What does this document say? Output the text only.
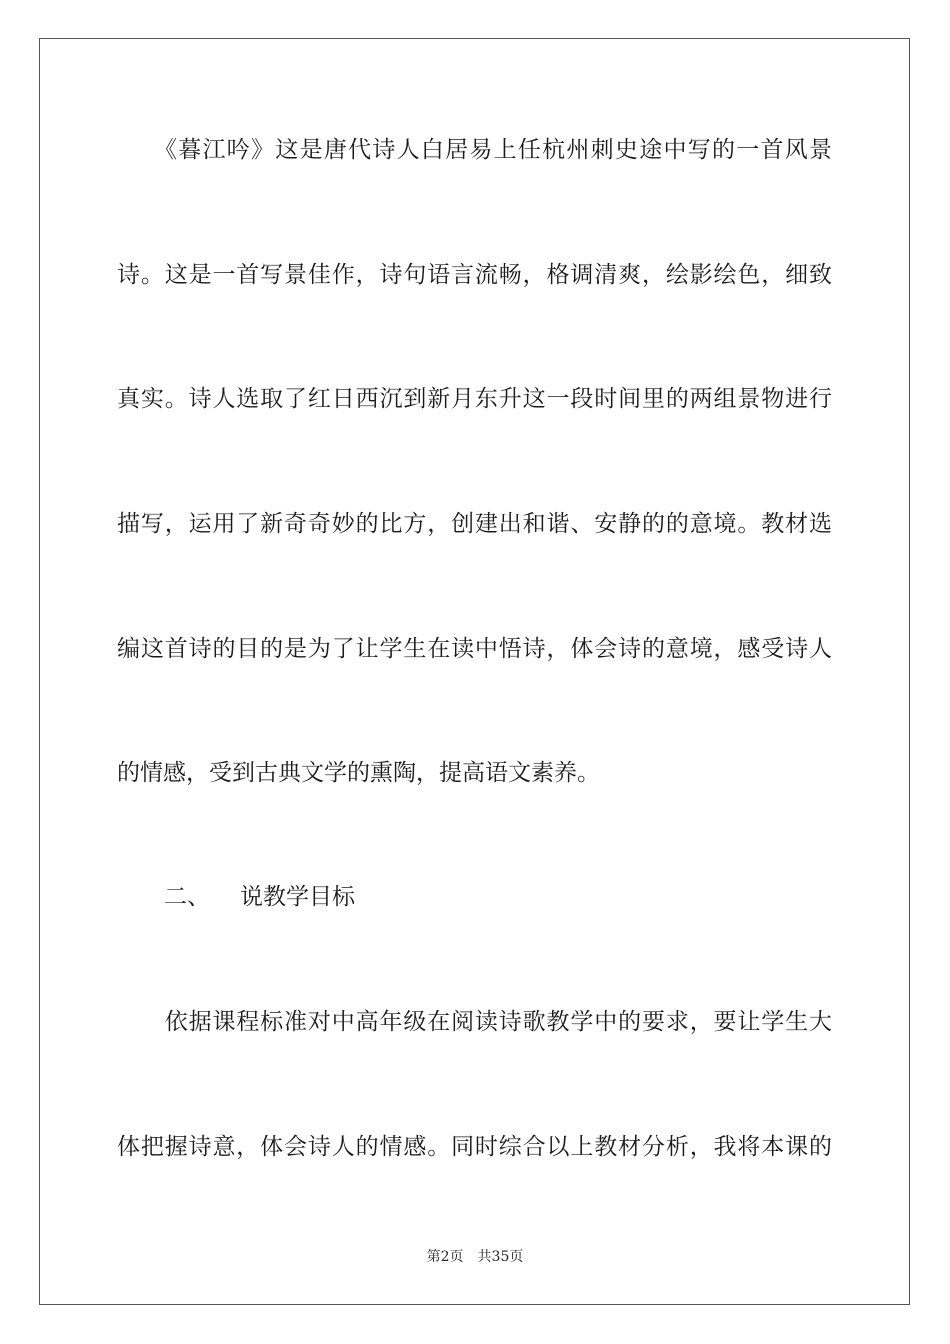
　　《暮江吟》这是唐代诗人白居易上任杭州刺史途中写的一首风景
诗。这是一首写景佳作，诗句语言流畅，格调清爽，绘影绘色，细致
真实。诗人选取了红日西沉到新月东升这一段时间里的两组景物进行
描写，运用了新奇奇妙的比方，创建出和谐、安静的的意境。教材选
编这首诗的目的是为了让学生在读中悟诗，体会诗的意境，感受诗人
的情感，受到古典文学的熏陶，提高语文素养。
二、 说教学目标
　　依据课程标准对中高年级在阅读诗歌教学中的要求，要让学生大
体把握诗意，体会诗人的情感。同时综合以上教材分析，我将本课的
第2页 共35页
